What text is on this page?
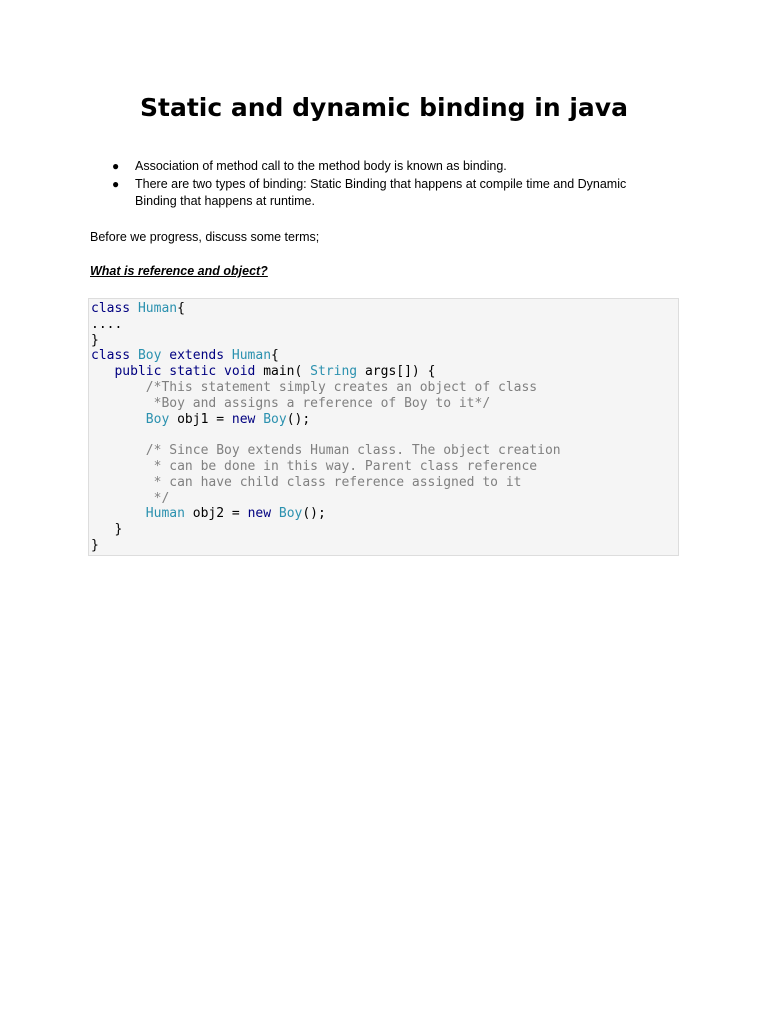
Static and dynamic binding in java
● Association of method call to the method body is known as binding.
● There are two types of binding: Static Binding that happens at compile time and Dynamic Binding that happens at runtime.

Before we progress, discuss some terms;

What is reference and object?

class Human{
....
}
class Boy extends Human{
public static void main( String args[]) {
/*This statement simply creates an object of class
*Boy and assigns a reference of Boy to it*/
Boy obj1 = new Boy();
/* Since Boy extends Human class. The object creation
* can be done in this way. Parent class reference
* can have child class reference assigned to it
*/
Human obj2 = new Boy();
}
}
